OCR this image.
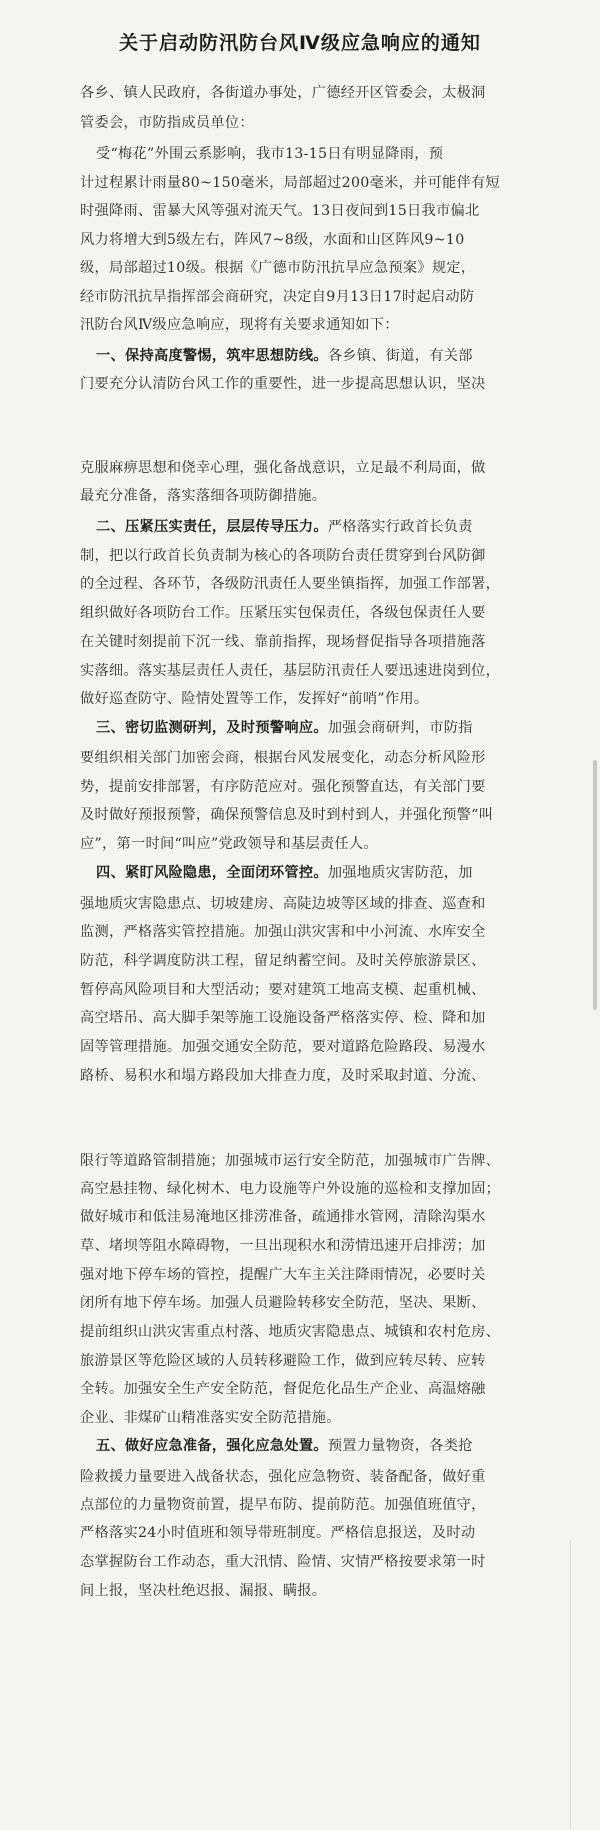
关于启动防汛防台风Ⅳ级应急响应的通知
各乡、镇人民政府，各街道办事处，广德经开区管委会，太极洞
管委会，市防指成员单位：
受“梅花”外围云系影响，我市13-15日有明显降雨，预
计过程累计雨量80~150毫米，局部超过200毫米，并可能伴有短
时强降雨、雷暴大风等强对流天气。13日夜间到15日我市偏北
风力将增大到5级左右，阵风7~8级，水面和山区阵风9~10
级，局部超过10级。根据《广德市防汛抗旱应急预案》规定，
经市防汛抗旱指挥部会商研究，决定自9月13日17时起启动防
汛防台风Ⅳ级应急响应，现将有关要求通知如下：
一、保持高度警惕，筑牢思想防线。各乡镇、街道，有关部
门要充分认清防台风工作的重要性，进一步提高思想认识，坚决
克服麻痹思想和侥幸心理，强化备战意识，立足最不利局面，做
最充分准备，落实落细各项防御措施。
二、压紧压实责任，层层传导压力。严格落实行政首长负责
制，把以行政首长负责制为核心的各项防台责任贯穿到台风防御
的全过程、各环节，各级防汛责任人要坐镇指挥，加强工作部署，
组织做好各项防台工作。压紧压实包保责任，各级包保责任人要
在关键时刻提前下沉一线、靠前指挥，现场督促指导各项措施落
实落细。落实基层责任人责任，基层防汛责任人要迅速进岗到位，
做好巡查防守、险情处置等工作，发挥好“前哨”作用。
三、密切监测研判，及时预警响应。加强会商研判，市防指
要组织相关部门加密会商，根据台风发展变化，动态分析风险形
势，提前安排部署，有序防范应对。强化预警直达，有关部门要
及时做好预报预警，确保预警信息及时到村到人，并强化预警“叫
应”，第一时间“叫应”党政领导和基层责任人。
四、紧盯风险隐患，全面闭环管控。加强地质灾害防范，加
强地质灾害隐患点、切坡建房、高陡边坡等区域的排查、巡查和
监测，严格落实管控措施。加强山洪灾害和中小河流、水库安全
防范，科学调度防洪工程，留足纳蓄空间。及时关停旅游景区、
暂停高风险项目和大型活动；要对建筑工地高支模、起重机械、
高空塔吊、高大脚手架等施工设施设备严格落实停、检、降和加
固等管理措施。加强交通安全防范，要对道路危险路段、易漫水
路桥、易积水和塌方路段加大排查力度，及时采取封道、分流、
限行等道路管制措施；加强城市运行安全防范，加强城市广告牌、
高空悬挂物、绿化树木、电力设施等户外设施的巡检和支撑加固；
做好城市和低洼易淹地区排涝准备，疏通排水管网，清除沟渠水
草、堵坝等阻水障碍物，一旦出现积水和涝情迅速开启排涝；加
强对地下停车场的管控，提醒广大车主关注降雨情况，必要时关
闭所有地下停车场。加强人员避险转移安全防范，坚决、果断、
提前组织山洪灾害重点村落、地质灾害隐患点、城镇和农村危房、
旅游景区等危险区域的人员转移避险工作，做到应转尽转、应转
全转。加强安全生产安全防范，督促危化品生产企业、高温熔融
企业、非煤矿山精准落实安全防范措施。
五、做好应急准备，强化应急处置。预置力量物资，各类抢
险救援力量要进入战备状态，强化应急物资、装备配备，做好重
点部位的力量物资前置，提早布防、提前防范。加强值班值守，
严格落实24小时值班和领导带班制度。严格信息报送，及时动
态掌握防台工作动态，重大汛情、险情、灾情严格按要求第一时
间上报，坚决杜绝迟报、漏报、瞒报。
